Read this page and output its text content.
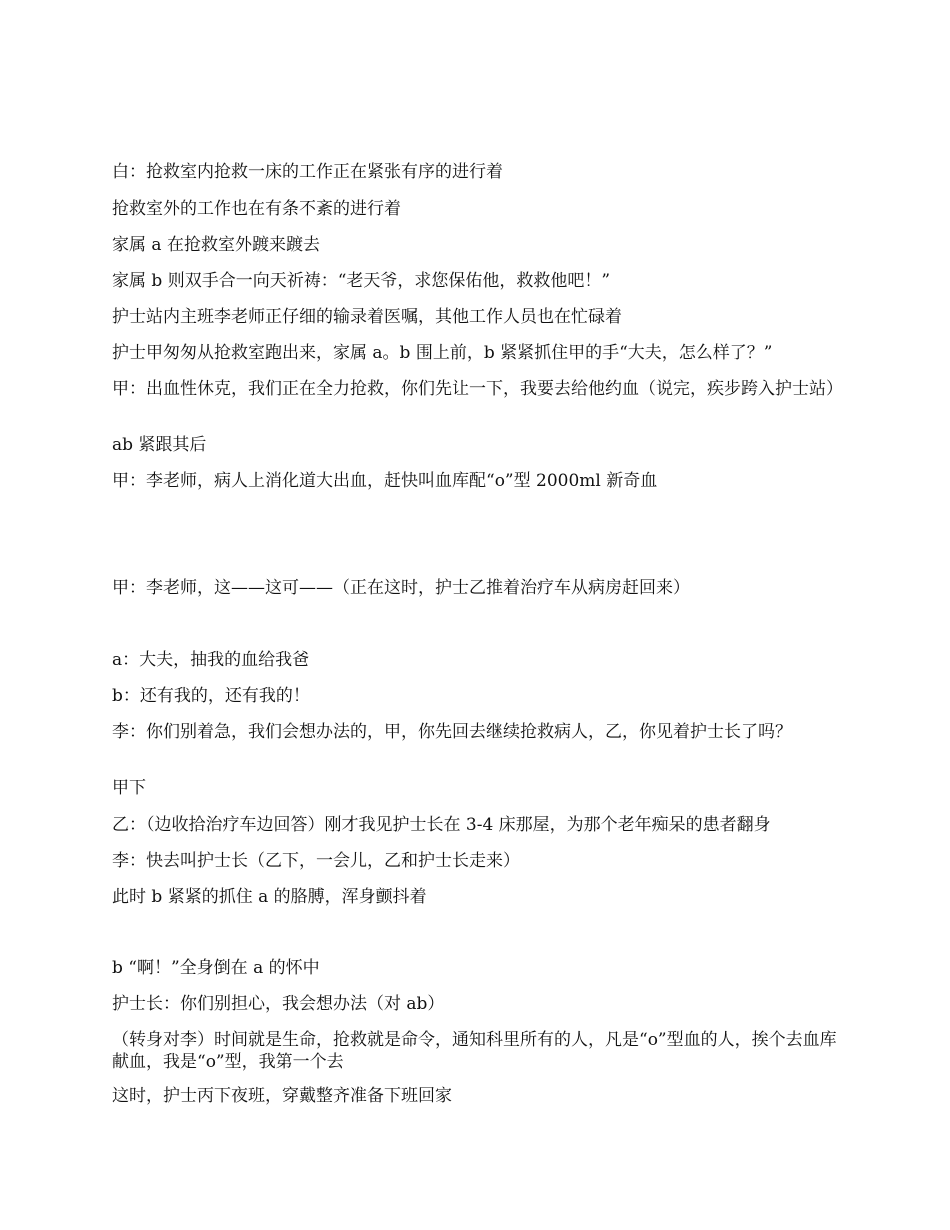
白：抢救室内抢救一床的工作正在紧张有序的进行着

抢救室外的工作也在有条不紊的进行着

家属 a 在抢救室外踱来踱去

家属 b 则双手合一向天祈祷：“老天爷，求您保佑他，救救他吧！”

护士站内主班李老师正仔细的输录着医嘱，其他工作人员也在忙碌着

护士甲匆匆从抢救室跑出来，家属 a。b 围上前，b 紧紧抓住甲的手“大夫，怎么样了？”

甲：出血性休克，我们正在全力抢救，你们先让一下，我要去给他约血（说完，疾步跨入护士站）

ab 紧跟其后

甲：李老师，病人上消化道大出血，赶快叫血库配“o”型 2000ml 新奇血

甲：李老师，这——这可——（正在这时，护士乙推着治疗车从病房赶回来）

a：大夫，抽我的血给我爸

b：还有我的，还有我的！

李：你们别着急，我们会想办法的，甲，你先回去继续抢救病人，乙，你见着护士长了吗？

甲下

乙：（边收拾治疗车边回答）刚才我见护士长在 3-4 床那屋，为那个老年痴呆的患者翻身

李：快去叫护士长（乙下，一会儿，乙和护士长走来）

此时 b 紧紧的抓住 a 的胳膊，浑身颤抖着

b “啊！”全身倒在 a 的怀中

护士长：你们别担心，我会想办法（对 ab）

（转身对李）时间就是生命，抢救就是命令，通知科里所有的人，凡是“o”型血的人，挨个去血库献血，我是“o”型，我第一个去

这时，护士丙下夜班，穿戴整齐准备下班回家
